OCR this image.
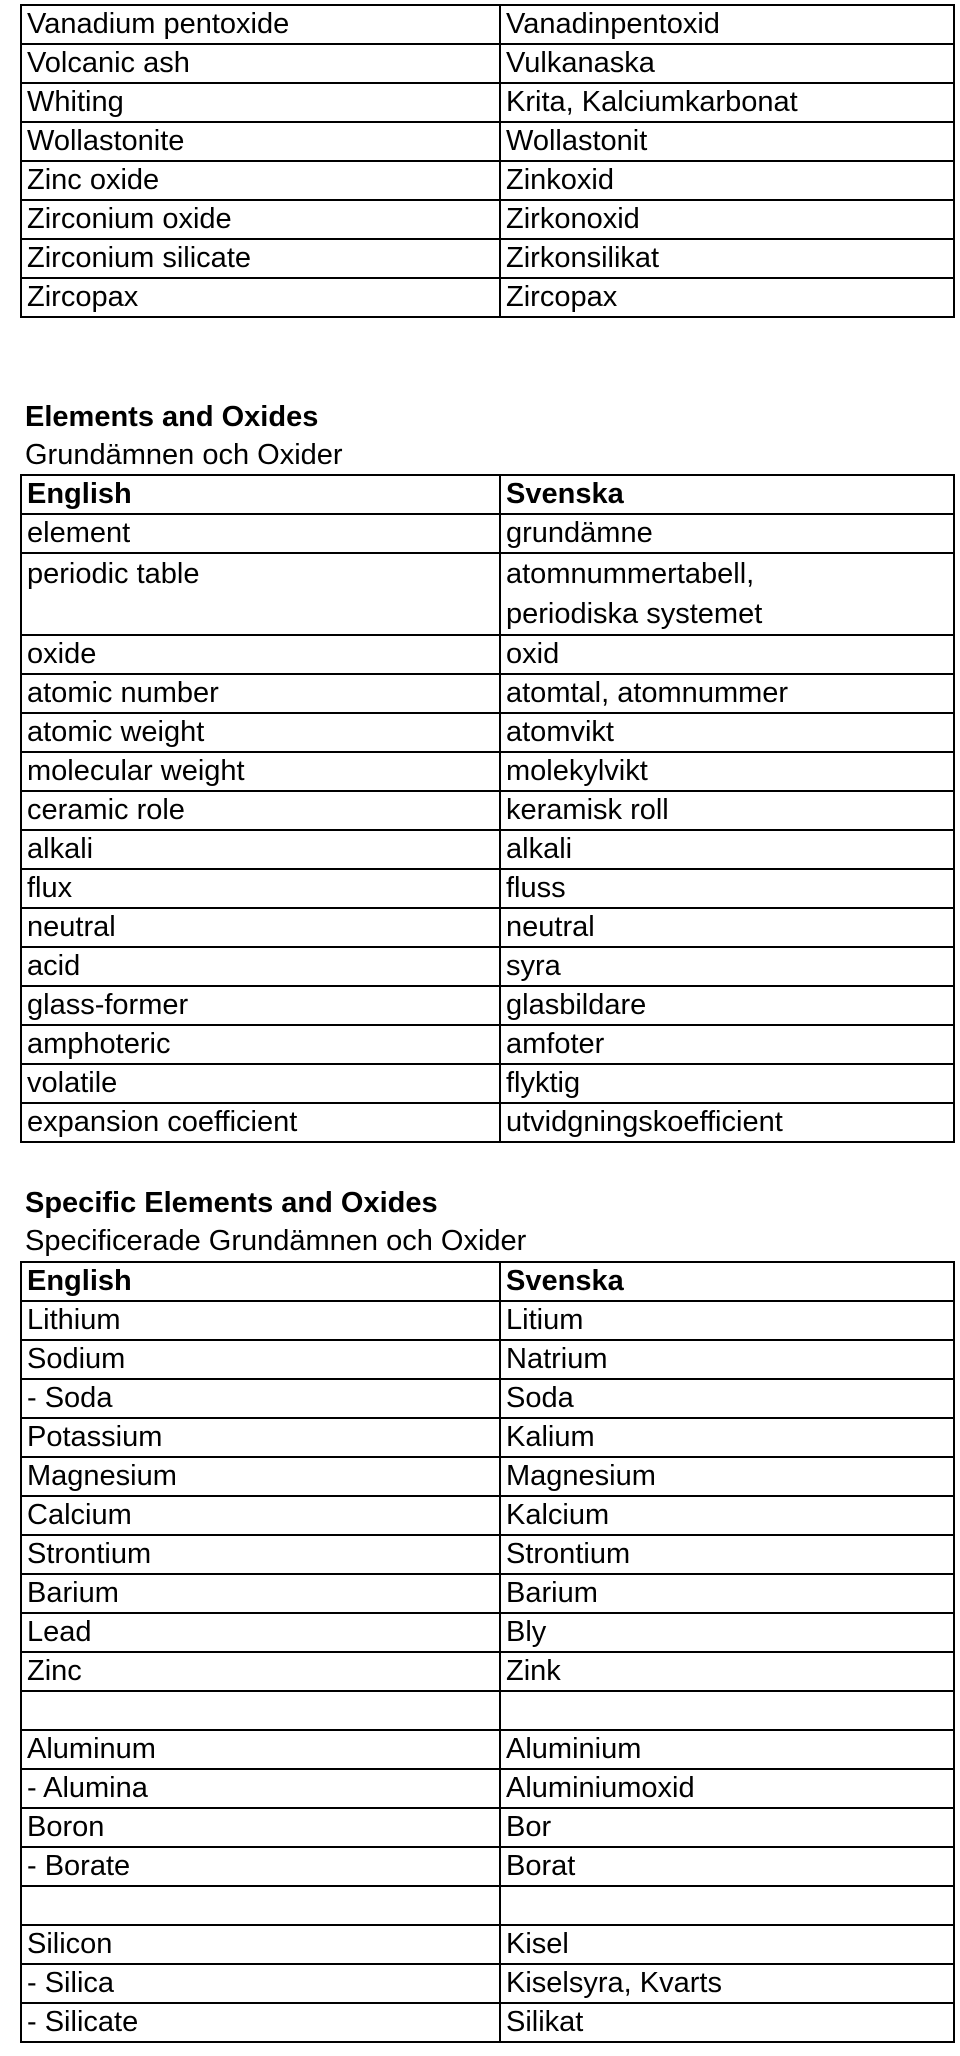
Vanadium pentoxide	Vanadinpentoxid
Volcanic ash	Vulkanaska
Whiting	Krita, Kalciumkarbonat
Wollastonite	Wollastonit
Zinc oxide	Zinkoxid
Zirconium oxide	Zirkonoxid
Zirconium silicate	Zirkonsilikat
Zircopax	Zircopax
Elements and Oxides
Grundämnen och Oxider
English	Svenska
element	grundämne
periodic table	atomnummertabell, periodiska systemet
oxide	oxid
atomic number	atomtal, atomnummer
atomic weight	atomvikt
molecular weight	molekylvikt
ceramic role	keramisk roll
alkali	alkali
flux	fluss
neutral	neutral
acid	syra
glass-former	glasbildare
amphoteric	amfoter
volatile	flyktig
expansion coefficient	utvidgningskoefficient
Specific Elements and Oxides
Specificerade Grundämnen och Oxider
English	Svenska
Lithium	Litium
Sodium	Natrium
- Soda	Soda
Potassium	Kalium
Magnesium	Magnesium
Calcium	Kalcium
Strontium	Strontium
Barium	Barium
Lead	Bly
Zinc	Zink

Aluminum	Aluminium
- Alumina	Aluminiumoxid
Boron	Bor
- Borate	Borat

Silicon	Kisel
- Silica	Kiselsyra, Kvarts
- Silicate	Silikat
